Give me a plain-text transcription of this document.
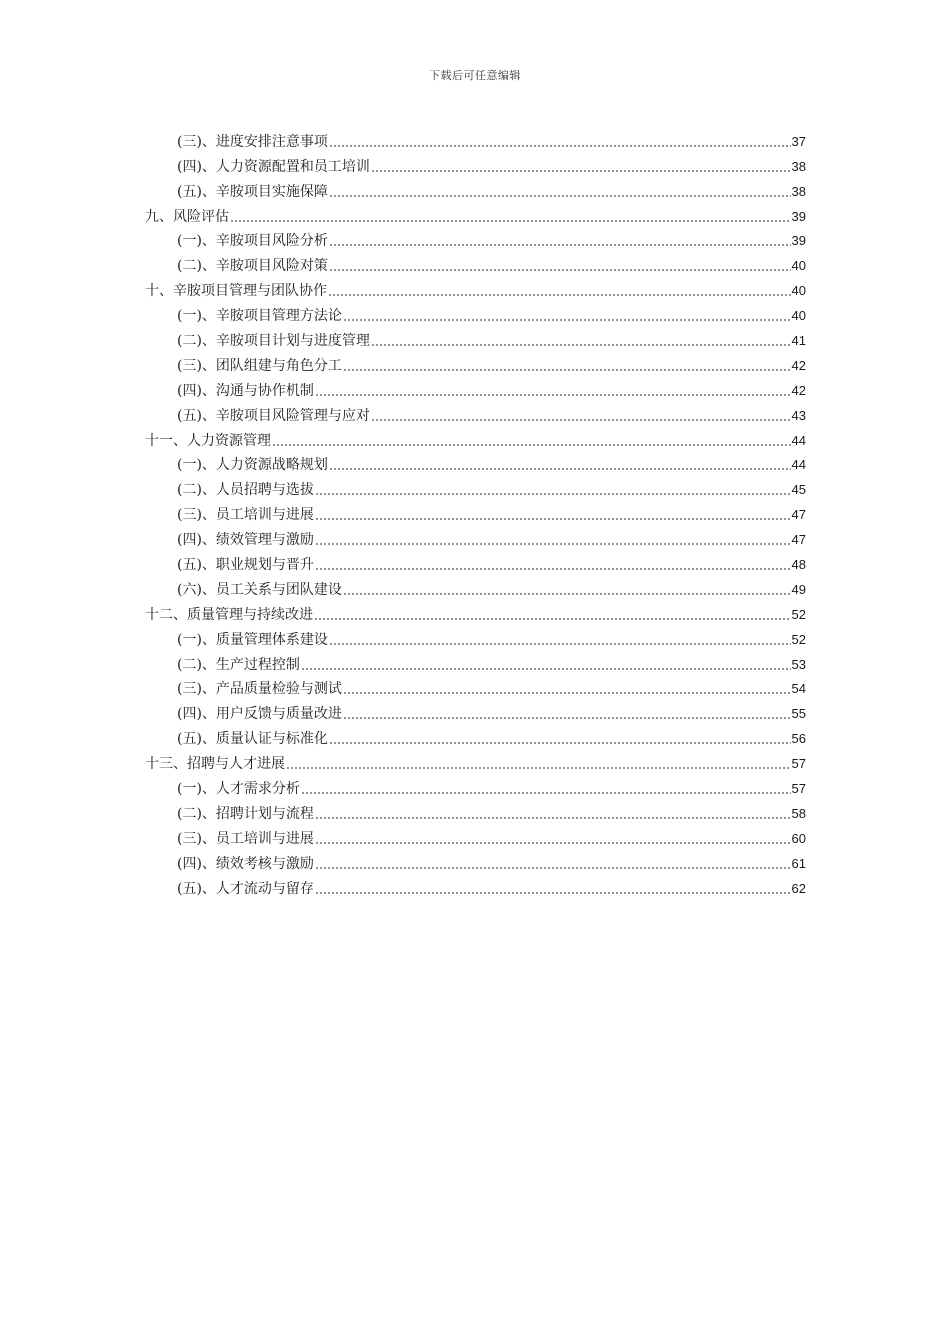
下载后可任意编辑
(三)、进度安排注意事项	37
(四)、人力资源配置和员工培训	38
(五)、辛胺项目实施保障	38
九、风险评估	39
(一)、辛胺项目风险分析	39
(二)、辛胺项目风险对策	40
十、辛胺项目管理与团队协作	40
(一)、辛胺项目管理方法论	40
(二)、辛胺项目计划与进度管理	41
(三)、团队组建与角色分工	42
(四)、沟通与协作机制	42
(五)、辛胺项目风险管理与应对	43
十一、人力资源管理	44
(一)、人力资源战略规划	44
(二)、人员招聘与选拔	45
(三)、员工培训与进展	47
(四)、绩效管理与激励	47
(五)、职业规划与晋升	48
(六)、员工关系与团队建设	49
十二、质量管理与持续改进	52
(一)、质量管理体系建设	52
(二)、生产过程控制	53
(三)、产品质量检验与测试	54
(四)、用户反馈与质量改进	55
(五)、质量认证与标准化	56
十三、招聘与人才进展	57
(一)、人才需求分析	57
(二)、招聘计划与流程	58
(三)、员工培训与进展	60
(四)、绩效考核与激励	61
(五)、人才流动与留存	62
